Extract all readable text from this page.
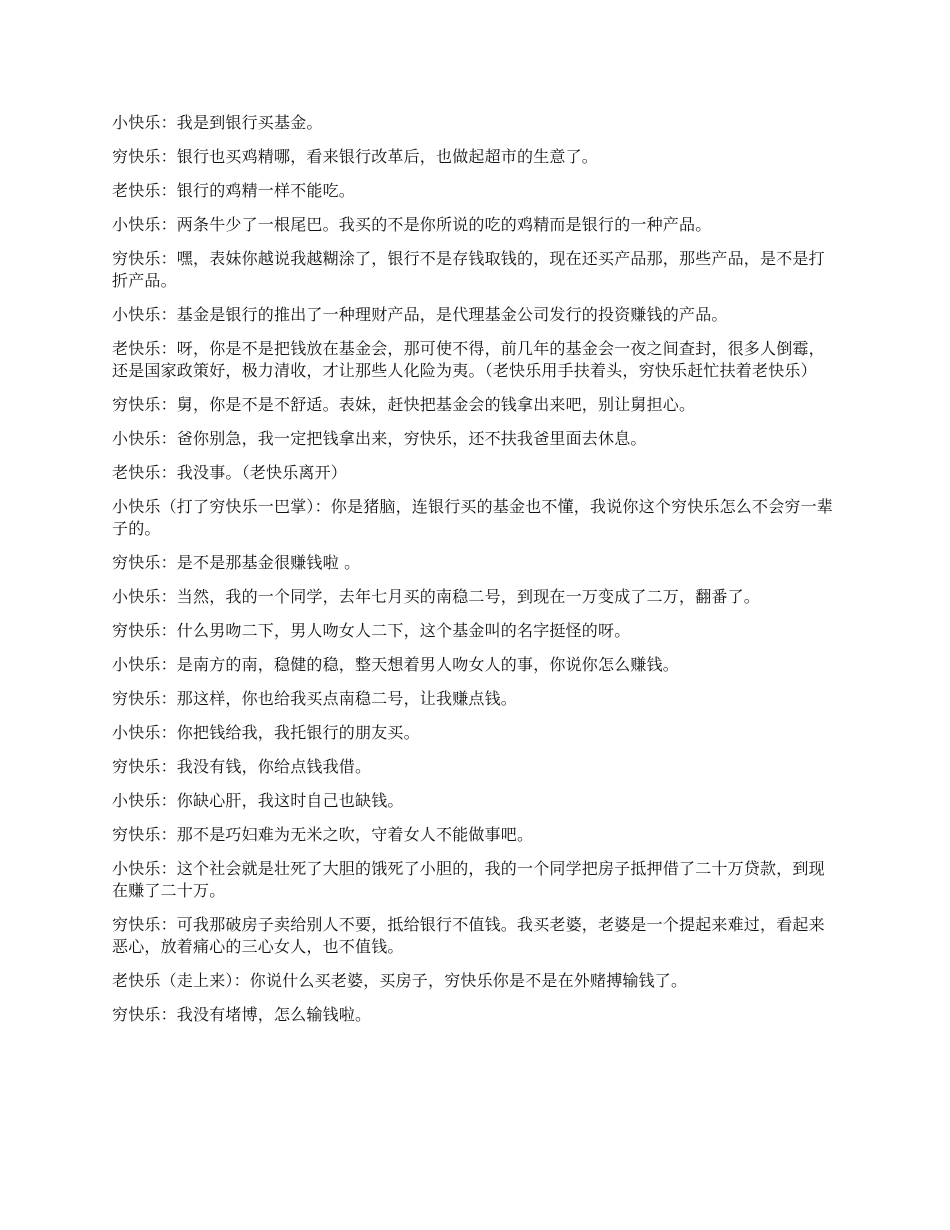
小快乐：我是到银行买基金。

穷快乐：银行也买鸡精哪，看来银行改革后，也做起超市的生意了。

老快乐：银行的鸡精一样不能吃。

小快乐：两条牛少了一根尾巴。我买的不是你所说的吃的鸡精而是银行的一种产品。

穷快乐：嘿，表妹你越说我越糊涂了，银行不是存钱取钱的，现在还买产品那，那些产品，是不是打折产品。

小快乐：基金是银行的推出了一种理财产品，是代理基金公司发行的投资赚钱的产品。

老快乐：呀，你是不是把钱放在基金会，那可使不得，前几年的基金会一夜之间查封，很多人倒霉，还是国家政策好，极力清收，才让那些人化险为夷。（老快乐用手扶着头，穷快乐赶忙扶着老快乐）

穷快乐：舅，你是不是不舒适。表妹，赶快把基金会的钱拿出来吧，别让舅担心。

小快乐：爸你别急，我一定把钱拿出来，穷快乐，还不扶我爸里面去休息。

老快乐：我没事。（老快乐离开）

小快乐（打了穷快乐一巴掌）：你是猪脑，连银行买的基金也不懂，我说你这个穷快乐怎么不会穷一辈子的。

穷快乐：是不是那基金很赚钱啦 。

小快乐：当然，我的一个同学，去年七月买的南稳二号，到现在一万变成了二万，翻番了。

穷快乐：什么男吻二下，男人吻女人二下，这个基金叫的名字挺怪的呀。

小快乐：是南方的南，稳健的稳，整天想着男人吻女人的事，你说你怎么赚钱。

穷快乐：那这样，你也给我买点南稳二号，让我赚点钱。

小快乐：你把钱给我，我托银行的朋友买。

穷快乐：我没有钱，你给点钱我借。

小快乐：你缺心肝，我这时自己也缺钱。

穷快乐：那不是巧妇难为无米之吹，守着女人不能做事吧。

小快乐：这个社会就是壮死了大胆的饿死了小胆的，我的一个同学把房子抵押借了二十万贷款，到现在赚了二十万。

穷快乐：可我那破房子卖给别人不要，抵给银行不值钱。我买老婆，老婆是一个提起来难过，看起来恶心，放着痛心的三心女人，也不值钱。

老快乐（走上来）：你说什么买老婆，买房子，穷快乐你是不是在外赌搏输钱了。

穷快乐：我没有堵博，怎么输钱啦。
